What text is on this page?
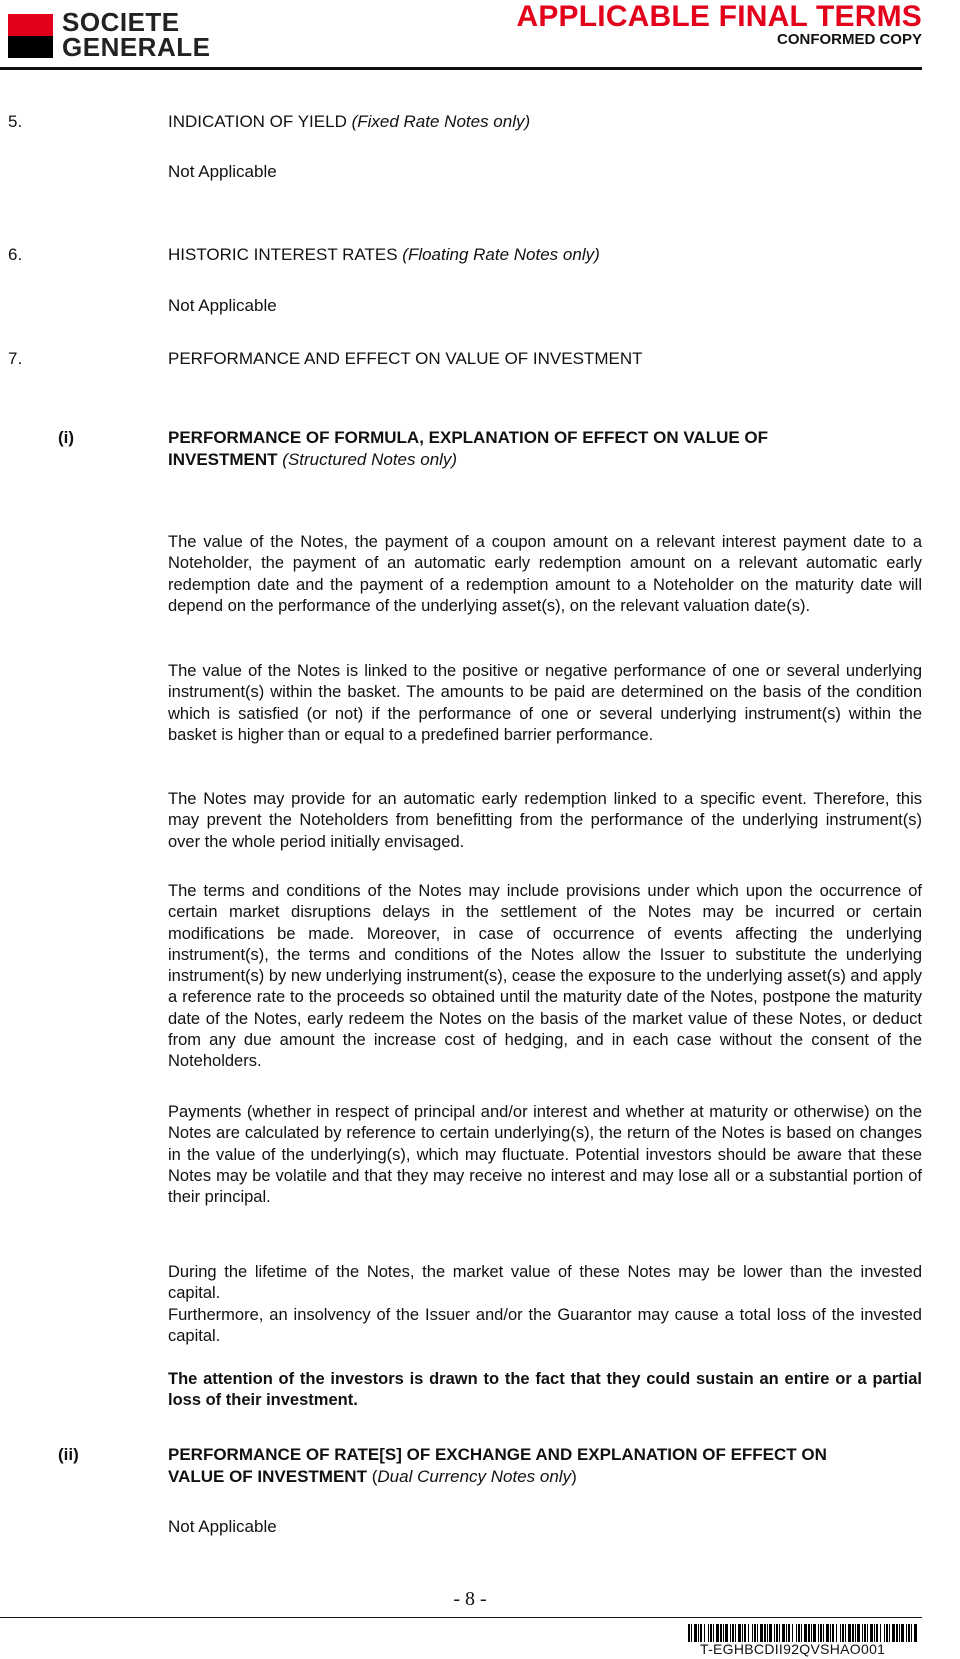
SOCIETE
GENERALE
APPLICABLE FINAL TERMS
CONFORMED COPY
5.	INDICATION OF YIELD (Fixed Rate Notes only)
Not Applicable
6.	HISTORIC INTEREST RATES (Floating Rate Notes only)
Not Applicable
7.	PERFORMANCE AND EFFECT ON VALUE OF INVESTMENT
(i)	PERFORMANCE OF FORMULA, EXPLANATION OF EFFECT ON VALUE OF
INVESTMENT (Structured Notes only)
The value of the Notes, the payment of a coupon amount on a relevant interest payment date to a Noteholder, the payment of an automatic early redemption amount on a relevant automatic early redemption date and the payment of a redemption amount to a Noteholder on the maturity date will depend on the performance of the underlying asset(s), on the relevant valuation date(s).
The value of the Notes is linked to the positive or negative performance of one or several underlying instrument(s) within the basket. The amounts to be paid are determined on the basis of the condition which is satisfied (or not) if the performance of one or several underlying instrument(s) within the basket is higher than or equal to a predefined barrier performance.
The Notes may provide for an automatic early redemption linked to a specific event. Therefore, this may prevent the Noteholders from benefitting from the performance of the underlying instrument(s) over the whole period initially envisaged.
The terms and conditions of the Notes may include provisions under which upon the occurrence of certain market disruptions delays in the settlement of the Notes may be incurred or certain modifications be made. Moreover, in case of occurrence of events affecting the underlying instrument(s), the terms and conditions of the Notes allow the Issuer to substitute the underlying instrument(s) by new underlying instrument(s), cease the exposure to the underlying asset(s) and apply a reference rate to the proceeds so obtained until the maturity date of the Notes, postpone the maturity date of the Notes, early redeem the Notes on the basis of the market value of these Notes, or deduct from any due amount the increase cost of hedging, and in each case without the consent of the Noteholders.
Payments (whether in respect of principal and/or interest and whether at maturity or otherwise) on the Notes are calculated by reference to certain underlying(s), the return of the Notes is based on changes in the value of the underlying(s), which may fluctuate. Potential investors should be aware that these Notes may be volatile and that they may receive no interest and may lose all or a substantial portion of their principal.
During the lifetime of the Notes, the market value of these Notes may be lower than the invested capital.
Furthermore, an insolvency of the Issuer and/or the Guarantor may cause a total loss of the invested capital.
The attention of the investors is drawn to the fact that they could sustain an entire or a partial loss of their investment.
(ii)	PERFORMANCE OF RATE[S] OF EXCHANGE AND EXPLANATION OF EFFECT ON
VALUE OF INVESTMENT (Dual Currency Notes only)
Not Applicable
- 8 -
T-EGHBCDII92QVSHAO001
